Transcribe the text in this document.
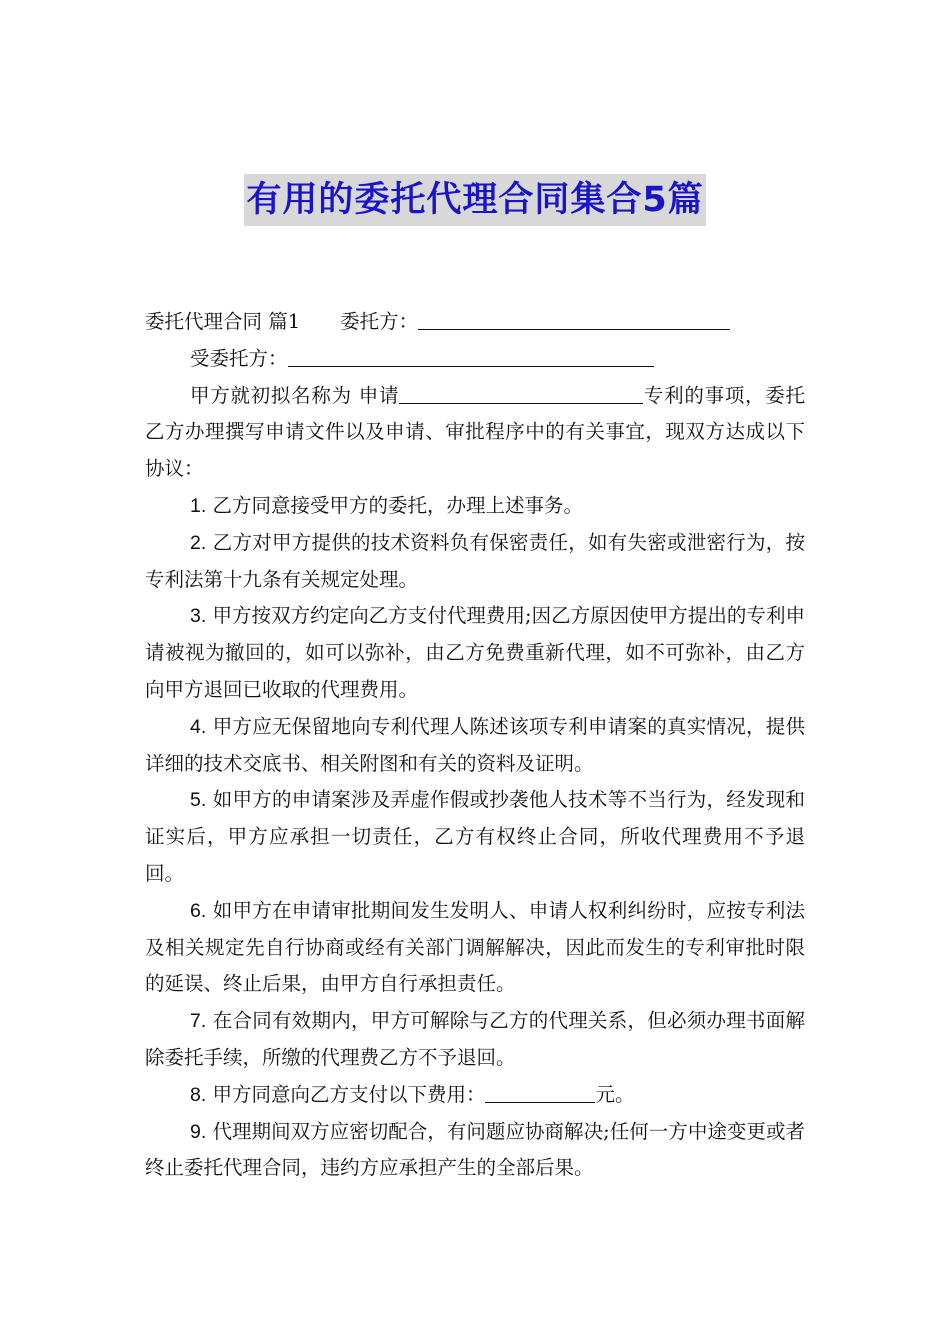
有用的委托代理合同集合5篇

委托代理合同 篇1 委托方：

受委托方：

甲方就初拟名称为 申请	专利的事项，委托乙方办理撰写申请文件以及申请、审批程序中的有关事宜，现双方达成以下协议：

1. 乙方同意接受甲方的委托，办理上述事务。

2. 乙方对甲方提供的技术资料负有保密责任，如有失密或泄密行为，按专利法第十九条有关规定处理。

3. 甲方按双方约定向乙方支付代理费用;因乙方原因使甲方提出的专利申请被视为撤回的，如可以弥补，由乙方免费重新代理，如不可弥补，由乙方向甲方退回已收取的代理费用。

4. 甲方应无保留地向专利代理人陈述该项专利申请案的真实情况，提供详细的技术交底书、相关附图和有关的资料及证明。

5. 如甲方的申请案涉及弄虚作假或抄袭他人技术等不当行为，经发现和证实后，甲方应承担一切责任，乙方有权终止合同，所收代理费用不予退回。

6. 如甲方在申请审批期间发生发明人、申请人权利纠纷时，应按专利法及相关规定先自行协商或经有关部门调解解决，因此而发生的专利审批时限的延误、终止后果，由甲方自行承担责任。

7. 在合同有效期内，甲方可解除与乙方的代理关系，但必须办理书面解除委托手续，所缴的代理费乙方不予退回。

8. 甲方同意向乙方支付以下费用：	元。

9. 代理期间双方应密切配合，有问题应协商解决;任何一方中途变更或者终止委托代理合同，违约方应承担产生的全部后果。
